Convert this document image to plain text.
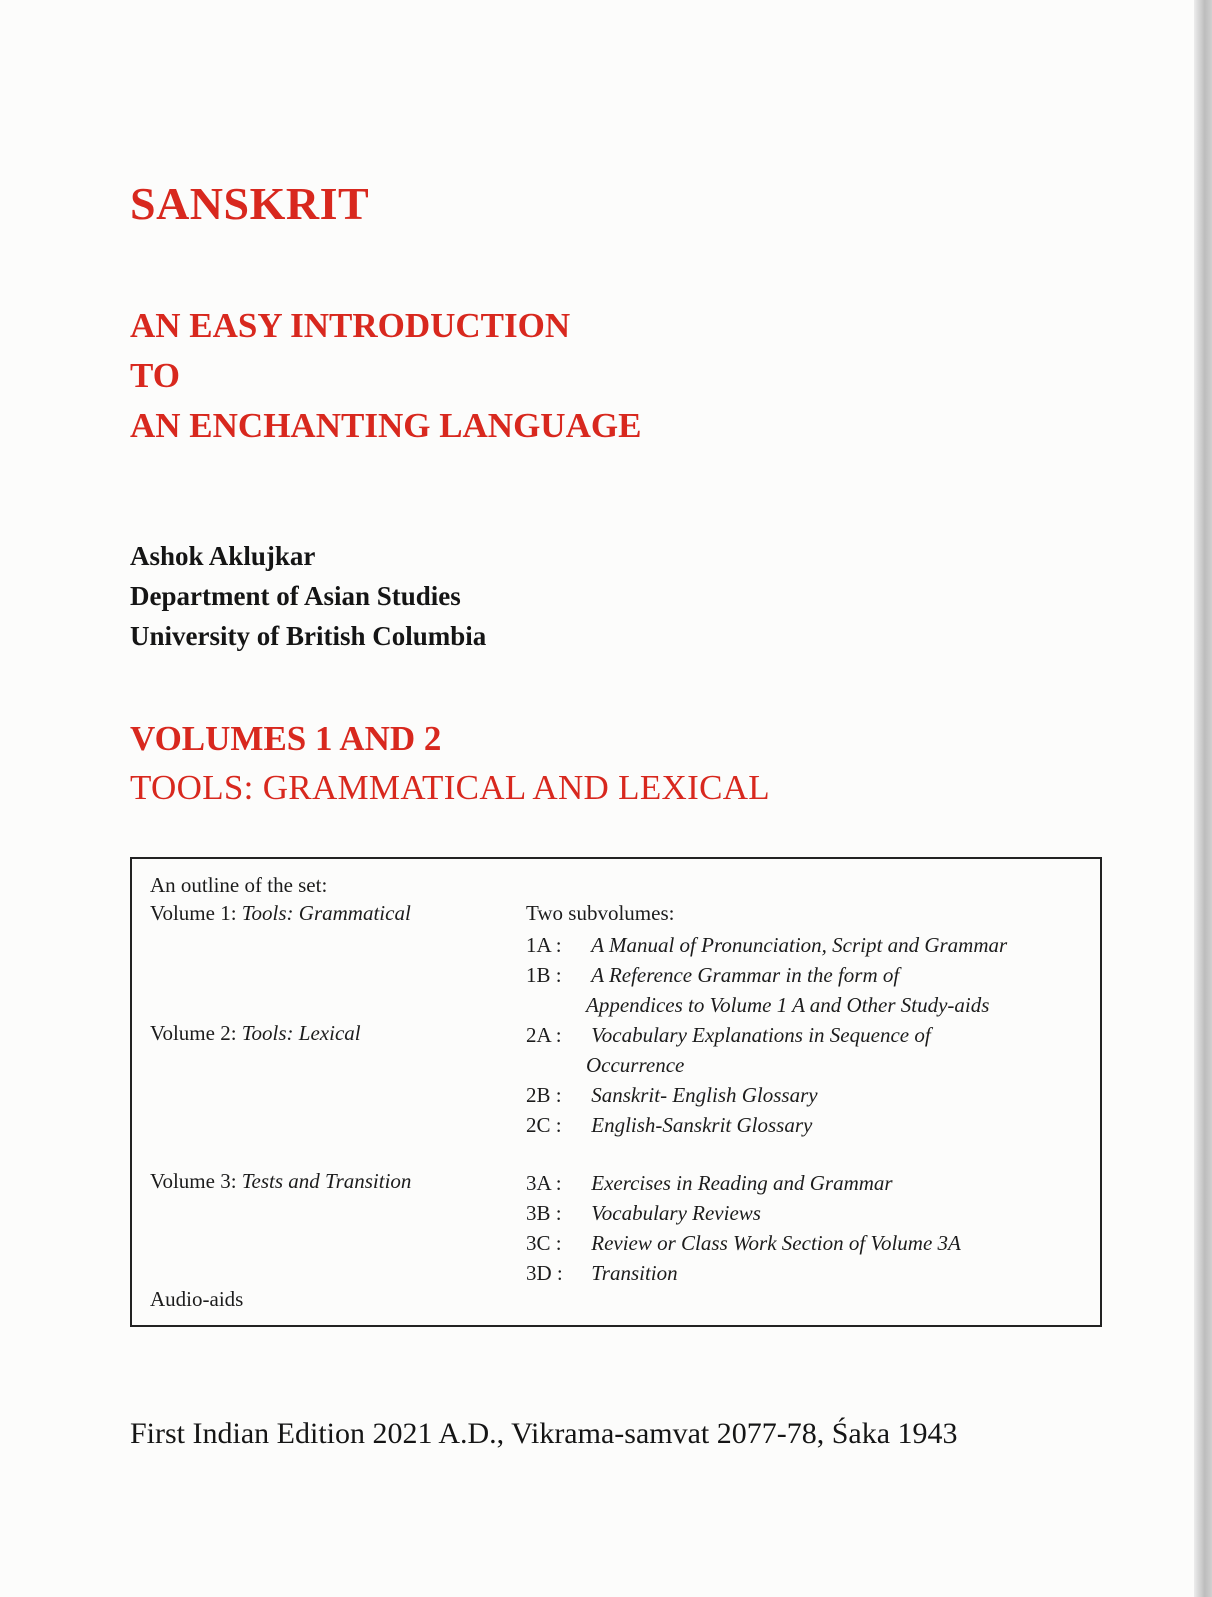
SANSKRIT
AN EASY INTRODUCTION
TO
AN ENCHANTING LANGUAGE
Ashok Aklujkar
Department of Asian Studies
University of British Columbia
VOLUMES 1 AND 2
TOOLS: GRAMMATICAL AND LEXICAL
An outline of the set:
Volume 1: Tools: Grammatical
Volume 2: Tools: Lexical
Volume 3: Tests and Transition
Audio-aids
Two subvolumes:
1A : A Manual of Pronunciation, Script and Grammar
1B : A Reference Grammar in the form of
Appendices to Volume 1 A and Other Study-aids
2A : Vocabulary Explanations in Sequence of
Occurrence
2B : Sanskrit- English Glossary
2C : English-Sanskrit Glossary
3A : Exercises in Reading and Grammar
3B : Vocabulary Reviews
3C : Review or Class Work Section of Volume 3A
3D : Transition
First Indian Edition 2021 A.D., Vikrama-samvat 2077-78, Śaka 1943
